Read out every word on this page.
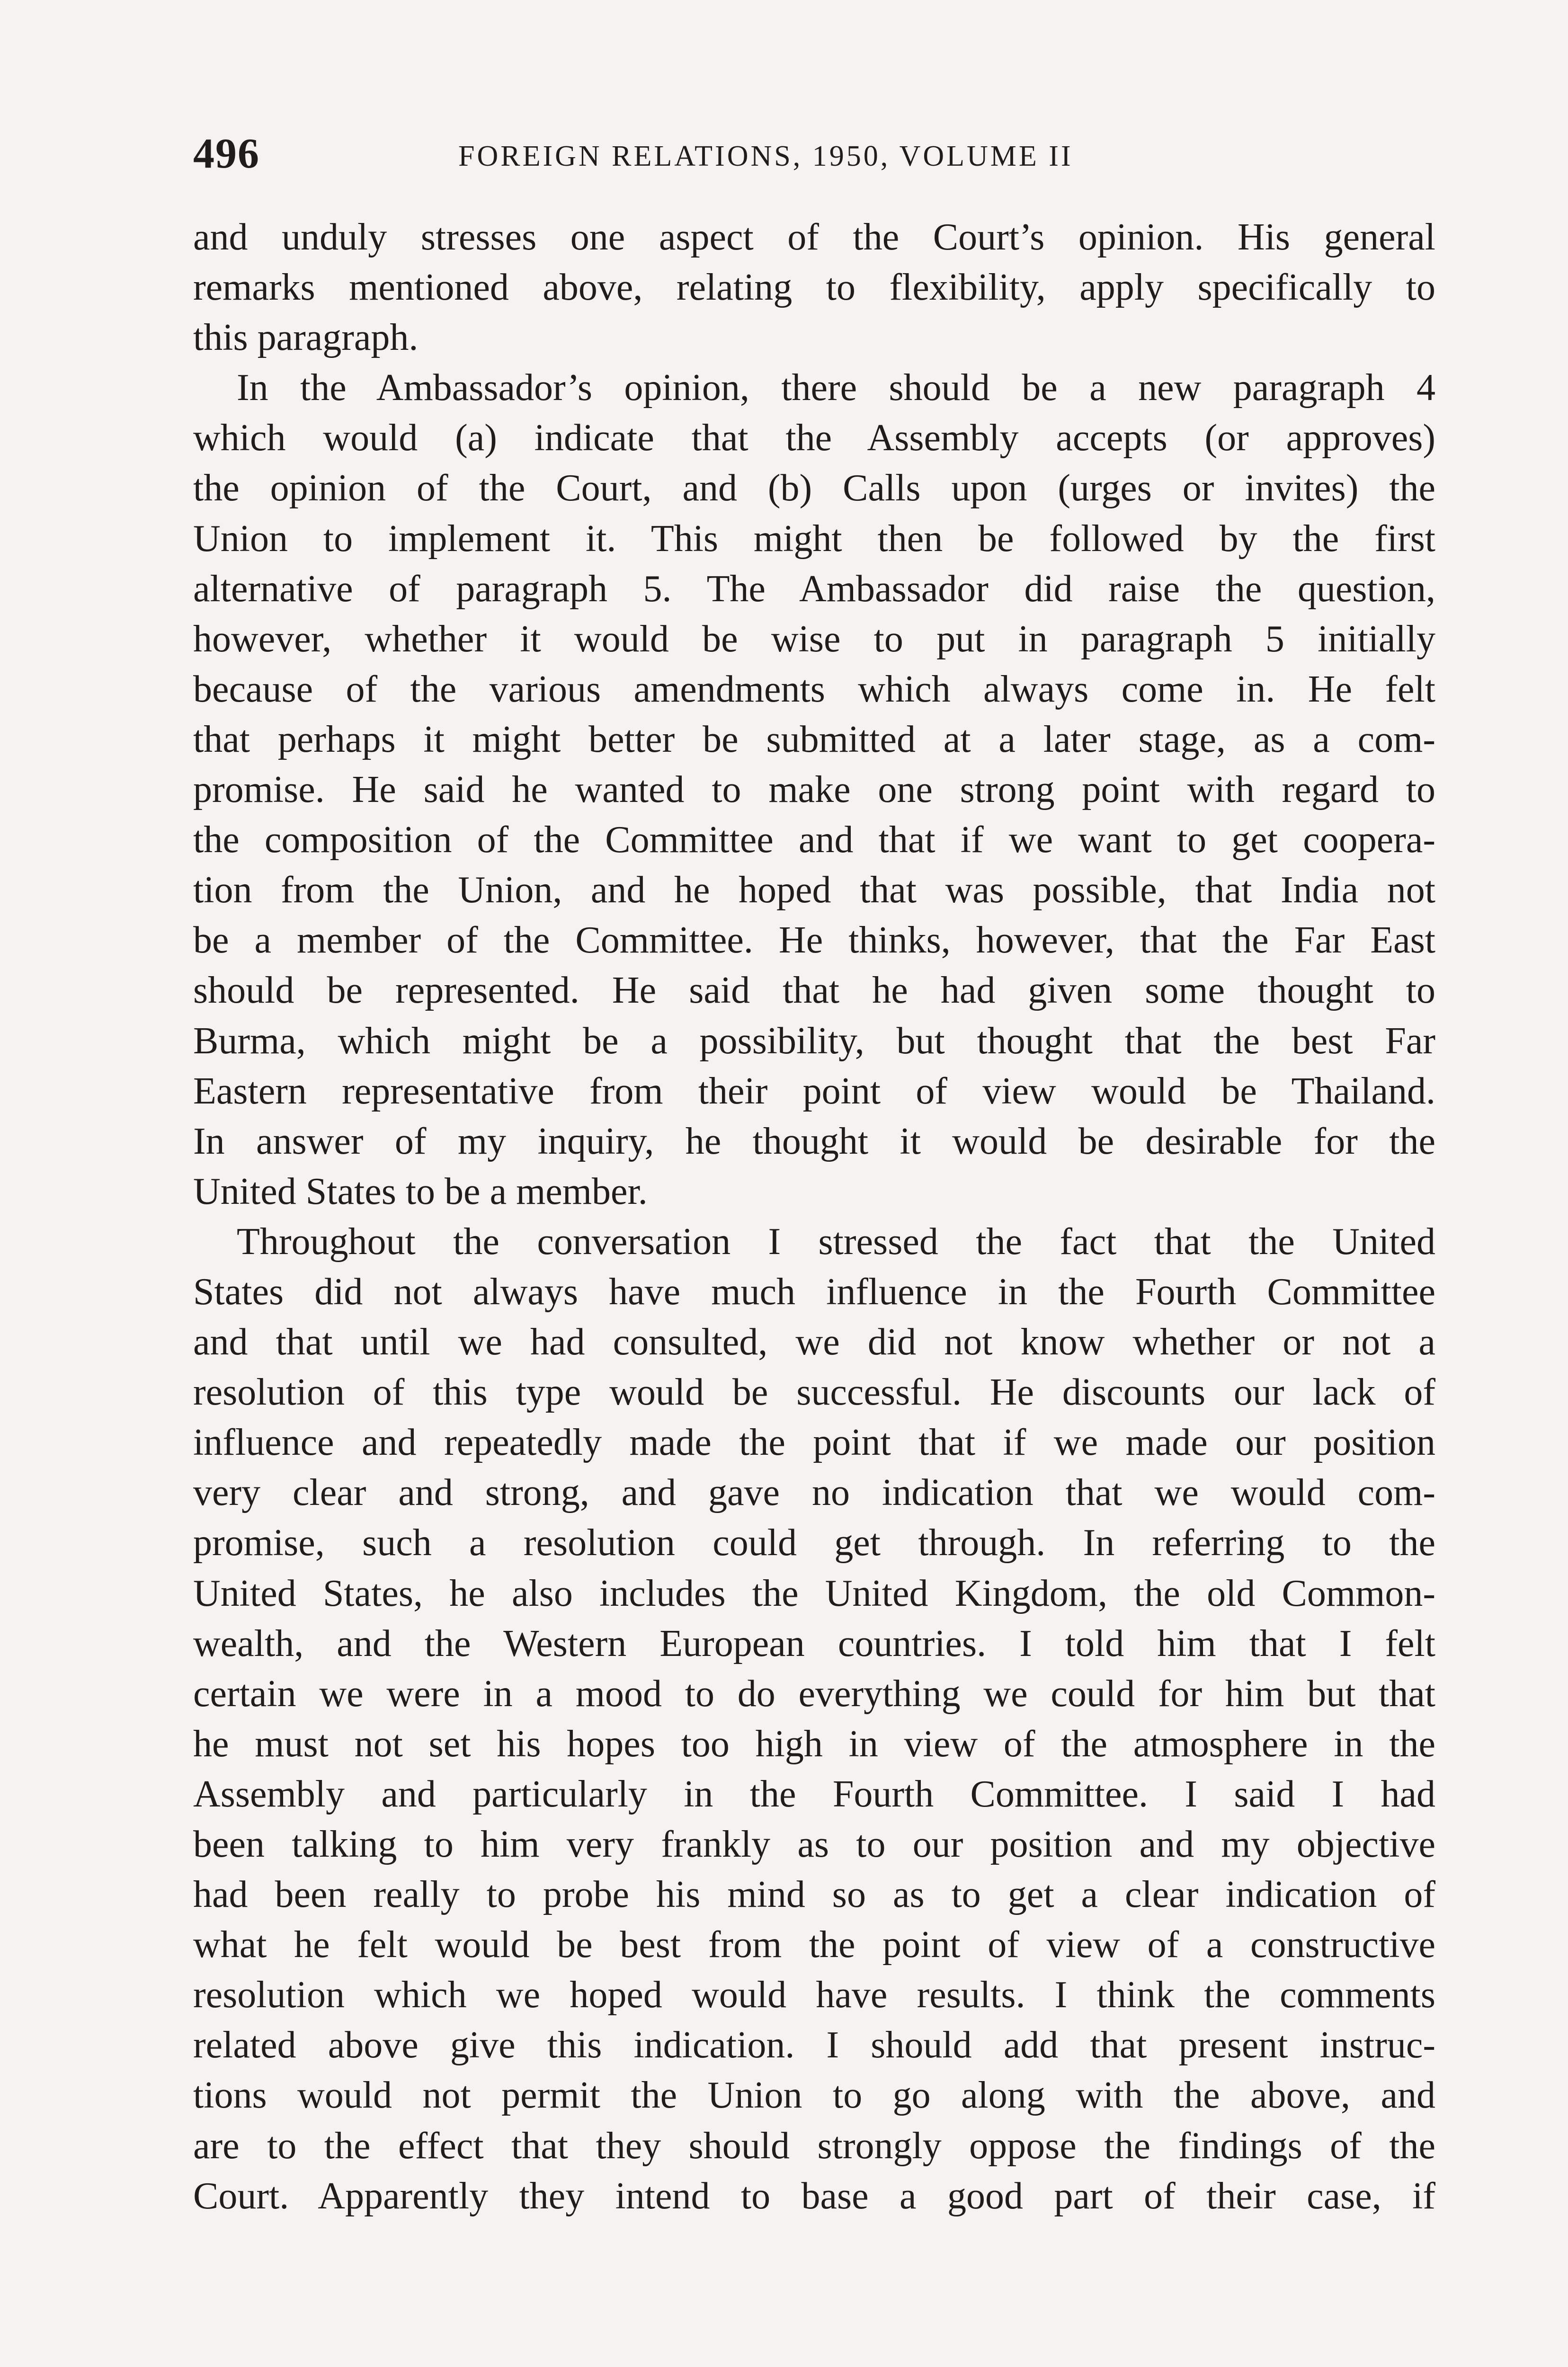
496	FOREIGN RELATIONS, 1950, VOLUME II
and unduly stresses one aspect of the Court’s opinion. His general
remarks mentioned above, relating to flexibility, apply specifically to
this paragraph.
In the Ambassador’s opinion, there should be a new paragraph 4
which would (a) indicate that the Assembly accepts (or approves)
the opinion of the Court, and (b) Calls upon (urges or invites) the
Union to implement it. This might then be followed by the first
alternative of paragraph 5. The Ambassador did raise the question,
however, whether it would be wise to put in paragraph 5 initially
because of the various amendments which always come in. He felt
that perhaps it might better be submitted at a later stage, as a com-
promise. He said he wanted to make one strong point with regard to
the composition of the Committee and that if we want to get coopera-
tion from the Union, and he hoped that was possible, that India not
be a member of the Committee. He thinks, however, that the Far East
should be represented. He said that he had given some thought to
Burma, which might be a possibility, but thought that the best Far
Eastern representative from their point of view would be Thailand.
In answer of my inquiry, he thought it would be desirable for the
United States to be a member.
Throughout the conversation I stressed the fact that the United
States did not always have much influence in the Fourth Committee
and that until we had consulted, we did not know whether or not a
resolution of this type would be successful. He discounts our lack of
influence and repeatedly made the point that if we made our position
very clear and strong, and gave no indication that we would com-
promise, such a resolution could get through. In referring to the
United States, he also includes the United Kingdom, the old Common-
wealth, and the Western European countries. I told him that I felt
certain we were in a mood to do everything we could for him but that
he must not set his hopes too high in view of the atmosphere in the
Assembly and particularly in the Fourth Committee. I said I had
been talking to him very frankly as to our position and my objective
had been really to probe his mind so as to get a clear indication of
what he felt would be best from the point of view of a constructive
resolution which we hoped would have results. I think the comments
related above give this indication. I should add that present instruc-
tions would not permit the Union to go along with the above, and
are to the effect that they should strongly oppose the findings of the
Court. Apparently they intend to base a good part of their case, if
